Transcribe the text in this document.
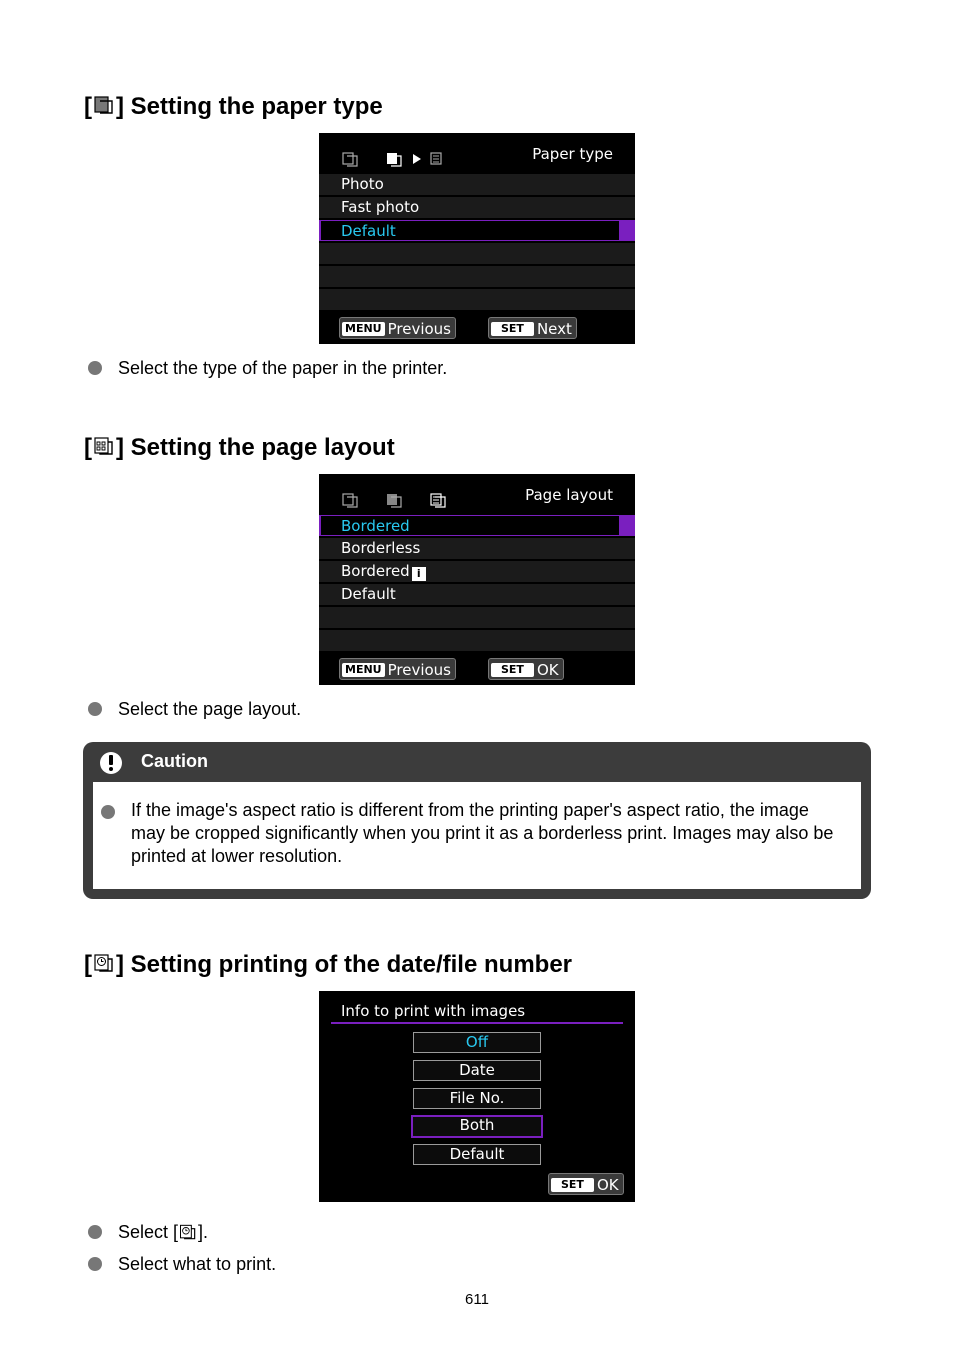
[ ] Setting the paper type
Paper type
Photo
Fast photo
Default
MENU Previous	SET Next
Select the type of the paper in the printer.
[ ] Setting the page layout
Page layout
Bordered
Borderless
Bordered i
Default
MENU Previous	SET OK
Select the page layout.
Caution
If the image's aspect ratio is different from the printing paper's aspect ratio, the image may be cropped significantly when you print it as a borderless print. Images may also be printed at lower resolution.
[ ] Setting printing of the date/file number
Info to print with images
Off
Date
File No.
Both
Default
SET OK
Select [ ].
Select what to print.
611
